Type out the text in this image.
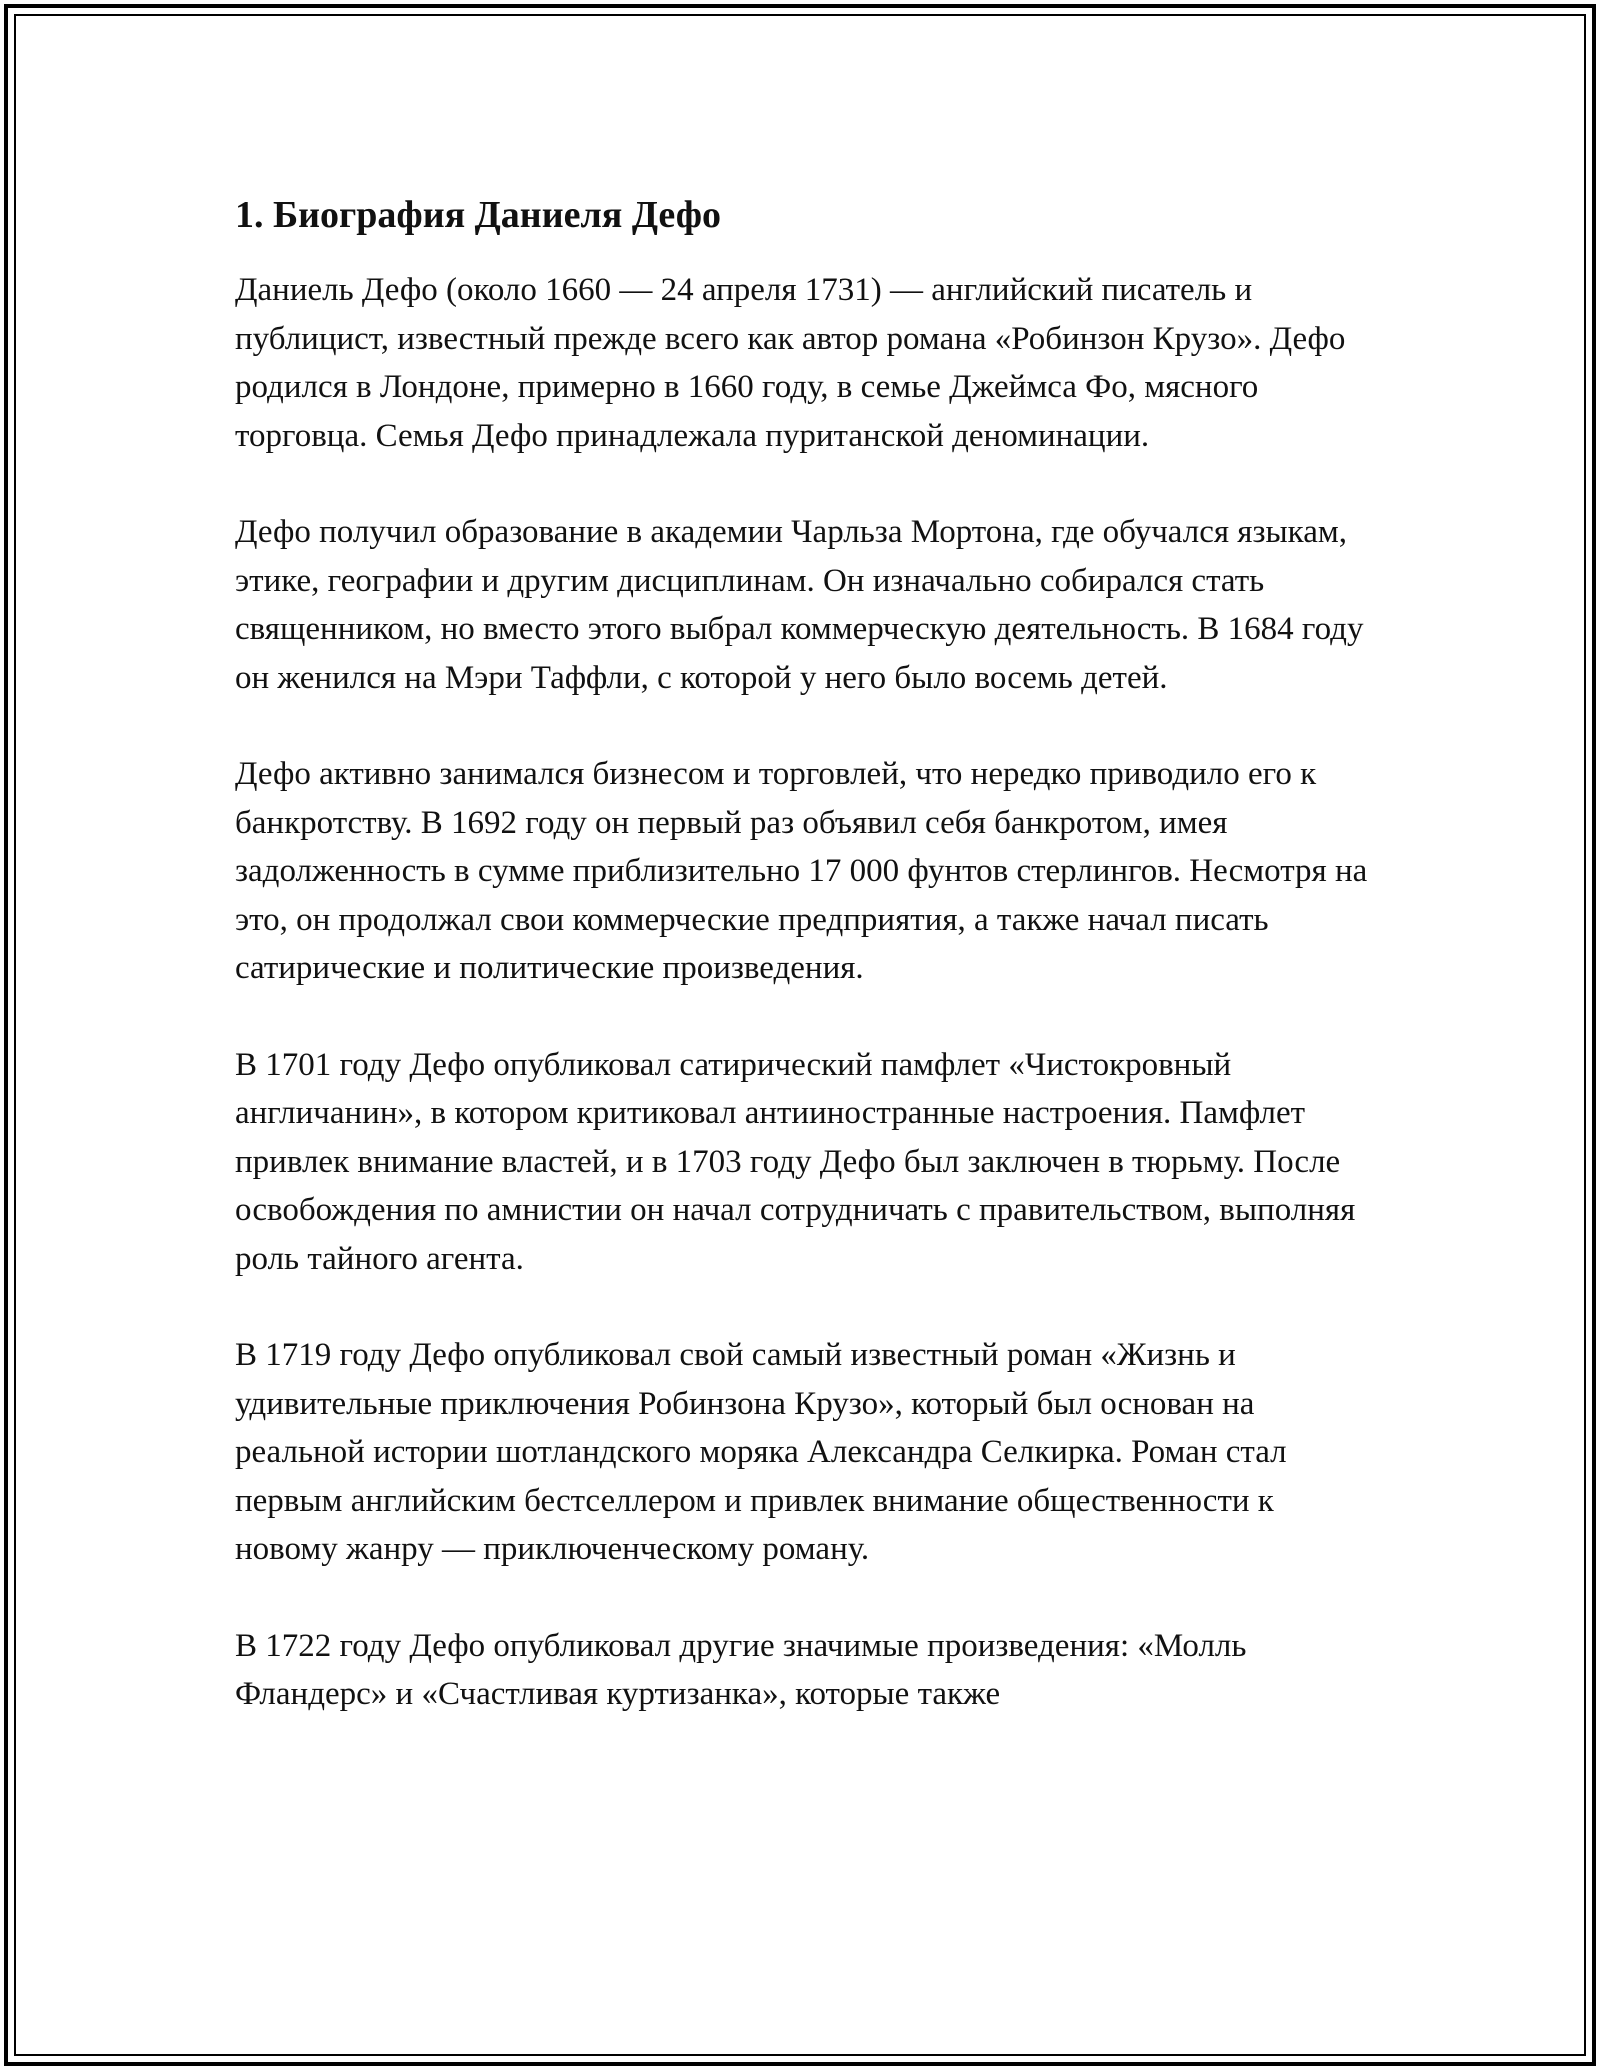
1. Биография Даниеля Дефо

Даниель Дефо (около 1660 — 24 апреля 1731) — английский писатель и публицист, известный прежде всего как автор романа «Робинзон Крузо». Дефо родился в Лондоне, примерно в 1660 году, в семье Джеймса Фо, мясного торговца. Семья Дефо принадлежала пуританской деноминации.

Дефо получил образование в академии Чарльза Мортона, где обучался языкам, этике, географии и другим дисциплинам. Он изначально собирался стать священником, но вместо этого выбрал коммерческую деятельность. В 1684 году он женился на Мэри Таффли, с которой у него было восемь детей.

Дефо активно занимался бизнесом и торговлей, что нередко приводило его к банкротству. В 1692 году он первый раз объявил себя банкротом, имея задолженность в сумме приблизительно 17 000 фунтов стерлингов. Несмотря на это, он продолжал свои коммерческие предприятия, а также начал писать сатирические и политические произведения.

В 1701 году Дефо опубликовал сатирический памфлет «Чистокровный англичанин», в котором критиковал антииностранные настроения. Памфлет привлек внимание властей, и в 1703 году Дефо был заключен в тюрьму. После освобождения по амнистии он начал сотрудничать с правительством, выполняя роль тайного агента.

В 1719 году Дефо опубликовал свой самый известный роман «Жизнь и удивительные приключения Робинзона Крузо», который был основан на реальной истории шотландского моряка Александра Селкирка. Роман стал первым английским бестселлером и привлек внимание общественности к новому жанру — приключенческому роману.

В 1722 году Дефо опубликовал другие значимые произведения: «Молль Фландерс» и «Счастливая куртизанка», которые также
